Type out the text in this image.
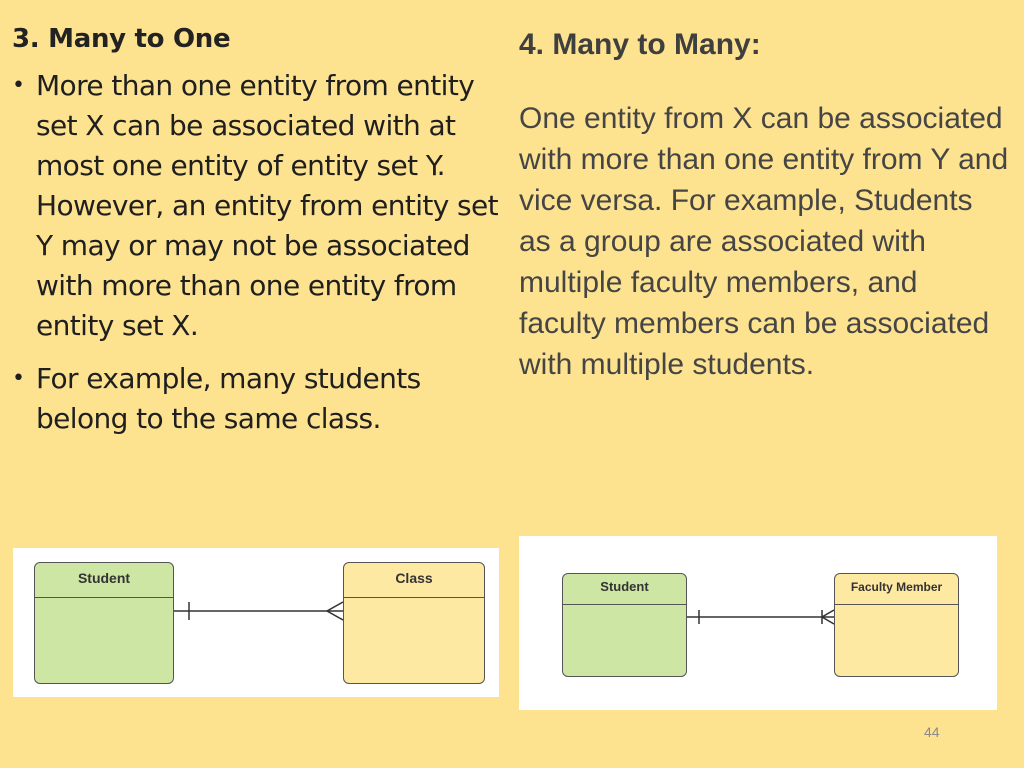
3. Many to One
• More than one entity from entity set X can be associated with at most one entity of entity set Y. However, an entity from entity set Y may or may not be associated with more than one entity from entity set X.
• For example, many students belong to the same class.
4. Many to Many:

One entity from X can be associated with more than one entity from Y and vice versa. For example, Students as a group are associated with multiple faculty members, and faculty members can be associated with multiple students.

Student	Class
Student	Faculty Member
44
